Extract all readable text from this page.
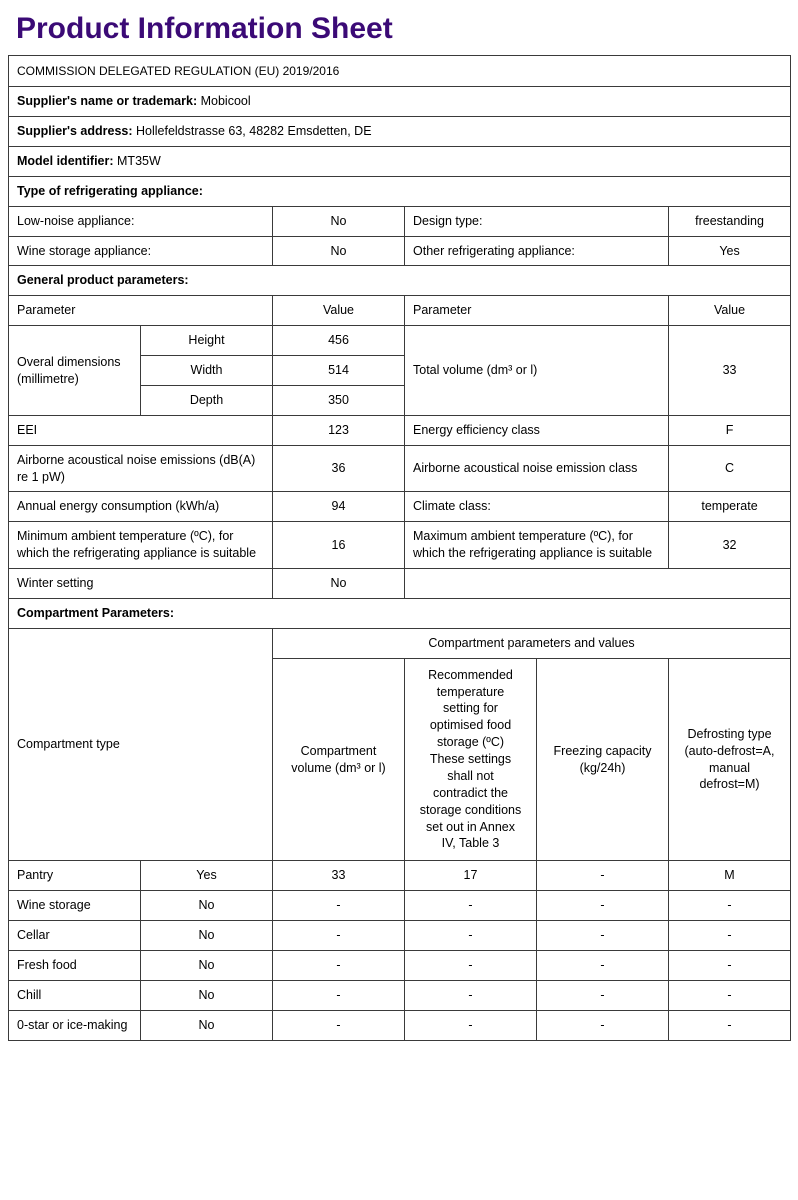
Product Information Sheet
COMMISSION DELEGATED REGULATION (EU) 2019/2016					
Supplier's name or trademark: Mobicool					
Supplier's address: Hollefeldstrasse 63, 48282 Emsdetten, DE					
Model identifier: MT35W					
Type of refrigerating appliance:					
Low-noise appliance:		No	Design type:		freestanding
Wine storage appliance:		No	Other refrigerating appliance:		Yes
General product parameters:					
Parameter		Value	Parameter		Value
Overal dimensions (millimetre)	Height	456	Total volume (dm³ or l)		33
	Width	514			
	Depth	350			
EEI		123	Energy efficiency class		F
Airborne acoustical noise emissions (dB(A) re 1 pW)		36	Airborne acoustical noise emission class		C
Annual energy consumption (kWh/a)		94	Climate class:		temperate
Minimum ambient temperature (ºC), for which the refrigerating appliance is suitable		16	Maximum ambient temperature (ºC), for which the refrigerating appliance is suitable		32
Winter setting		No			
Compartment Parameters:					
Compartment type		Compartment parameters and values			
		Compartment volume (dm³ or l)	Recommended temperature setting for optimised food storage (ºC) These settings shall not contradict the storage conditions set out in Annex IV, Table 3	Freezing capacity (kg/24h)	Defrosting type (auto-defrost=A, manual defrost=M)
Pantry	Yes	33	17	-	M
Wine storage	No	-	-	-	-
Cellar	No	-	-	-	-
Fresh food	No	-	-	-	-
Chill	No	-	-	-	-
0-star or ice-making	No	-	-	-	-
